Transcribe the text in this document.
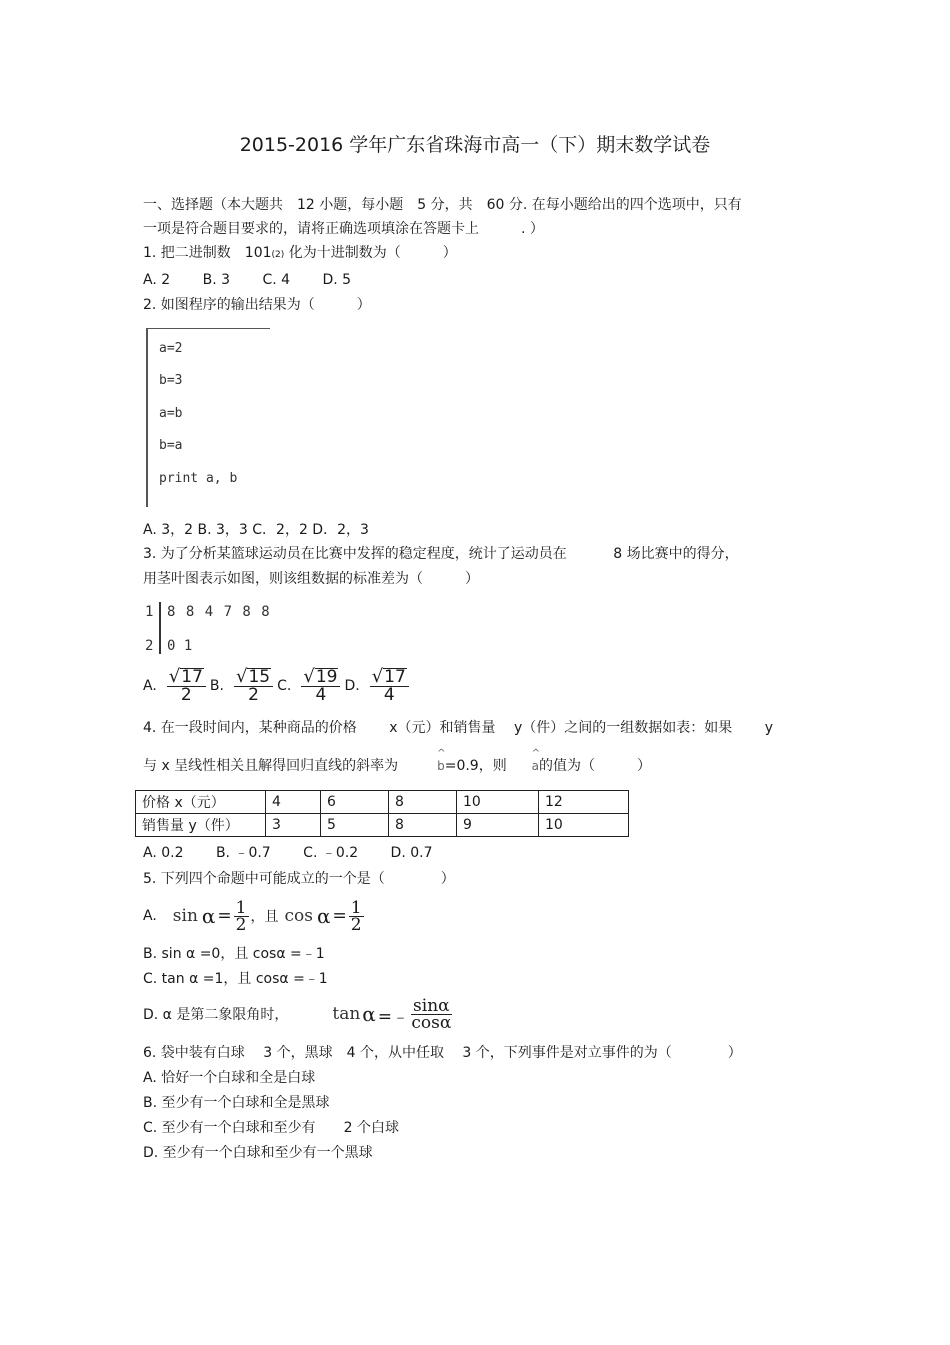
2015-2016 学年广东省珠海市高一（下）期末数学试卷
一、选择题（本大题共　12 小题，每小题　5 分，共　60 分. 在每小题给出的四个选项中，只有
一项是符合题目要求的，请将正确选项填涂在答题卡上　　　. ）
1. 把二进制数　101(2) 化为十进制数为（　　　）
A. 2　　 B. 3　　 C. 4　　 D. 5
2. 如图程序的输出结果为（　　　）
a=2
b=3
a=b
b=a
print a, b
A. 3，2 B. 3，3 C．2，2 D．2，3
3. 为了分析某篮球运动员在比赛中发挥的稳定程度，统计了运动员在　　　 8 场比赛中的得分，
用茎叶图表示如图，则该组数据的标准差为（　　　）
1 8 8 4 7 8 8
2 0 1
A. $\frac{√ 17}{2} B$. $\frac{√ 15}{2} C$. $\frac{√ 19}{4} D$. $\frac{√ 17}{4}$
4. 在一段时间内，某种商品的价格　　 x（元）和销售量　 y（件）之间的一组数据如表：如果　　 y
与 x 呈线性相关且解得回归直线的斜率为
^
b=0.9，则
^
a的值为（　　　）
价格 x（元）	4	6	8	10	12
销售量 y（件）	3	5	8	9	10
A. 0.2　　 B. ﹣0.7　　 C. ﹣0.2　　 D. 0.7
5. 下列四个命题中可能成立的一个是（　　　　）
A. $\sin \alpha = \frac{1}{2}$ ，且 $\cos \alpha = \frac{1}{2}$
B. sin α =0，且 cosα =﹣1
C. tan α =1，且 cosα =﹣1
D. α 是第二象限角时，	tan α =﹣ $\frac{\sin\alpha}{\cos\alpha}$
6. 袋中装有白球　 3 个，黑球　4 个，从中任取　 3 个，下列事件是对立事件的为（　　　　）
A. 恰好一个白球和全是白球
B. 至少有一个白球和全是黑球
C. 至少有一个白球和至少有　　2 个白球
D. 至少有一个白球和至少有一个黑球
